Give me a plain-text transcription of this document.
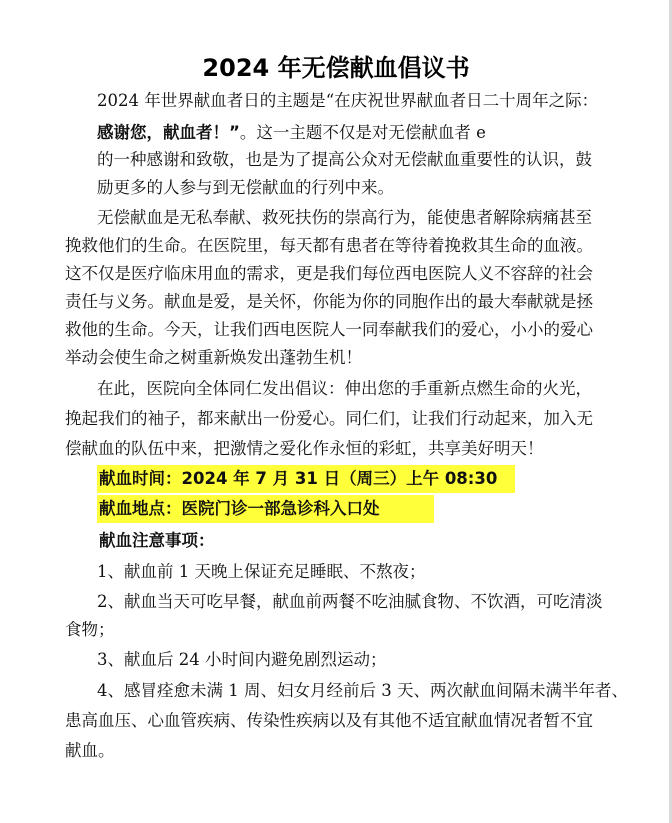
2024 年无偿献血倡议书
2024 年世界献血者日的主题是“在庆祝世界献血者日二十周年之际：
感谢您，献血者！”。这一主题不仅是对无偿献血者 e
的一种感谢和致敬，也是为了提高公众对无偿献血重要性的认识，鼓
励更多的人参与到无偿献血的行列中来。
无偿献血是无私奉献、救死扶伤的崇高行为，能使患者解除病痛甚至
挽救他们的生命。在医院里，每天都有患者在等待着挽救其生命的血液。
这不仅是医疗临床用血的需求，更是我们每位西电医院人义不容辞的社会
责任与义务。献血是爱，是关怀，你能为你的同胞作出的最大奉献就是拯
救他的生命。今天，让我们西电医院人一同奉献我们的爱心，小小的爱心
举动会使生命之树重新焕发出蓬勃生机！
在此，医院向全体同仁发出倡议：伸出您的手重新点燃生命的火光，
挽起我们的袖子，都来献出一份爱心。同仁们，让我们行动起来，加入无
偿献血的队伍中来，把激情之爱化作永恒的彩虹，共享美好明天！
献血时间：2024 年 7 月 31 日（周三）上午 08:30
献血地点：医院门诊一部急诊科入口处
献血注意事项：
1、献血前 1 天晚上保证充足睡眠、不熬夜；
2、献血当天可吃早餐，献血前两餐不吃油腻食物、不饮酒，可吃清淡
食物；
3、献血后 24 小时间内避免剧烈运动；
4、感冒痊愈未满 1 周、妇女月经前后 3 天、两次献血间隔未满半年者、
患高血压、心血管疾病、传染性疾病以及有其他不适宜献血情况者暂不宜
献血。
